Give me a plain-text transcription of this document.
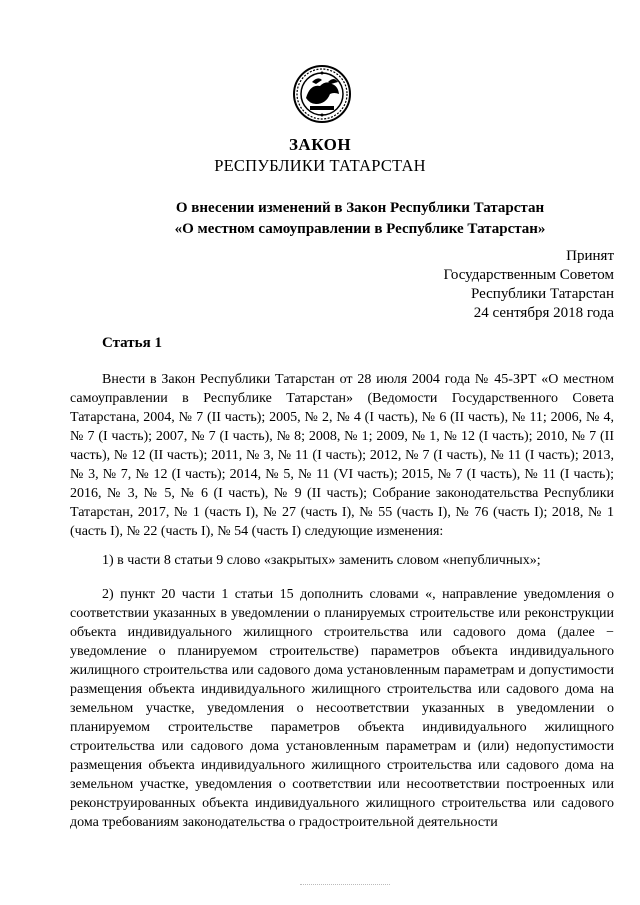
ЗАКОН
РЕСПУБЛИКИ ТАТАРСТАН
О внесении изменений в Закон Республики Татарстан
«О местном самоуправлении в Республике Татарстан»
Принят
Государственным Советом
Республики Татарстан
24 сентября 2018 года
Статья 1
Внести в Закон Республики Татарстан от 28 июля 2004 года № 45-ЗРТ «О местном самоуправлении в Республике Татарстан» (Ведомости Государственного Совета Татарстана, 2004, № 7 (II часть); 2005, № 2, № 4 (I часть), № 6 (II часть), № 11; 2006, № 4, № 7 (I часть); 2007, № 7 (I часть), № 8; 2008, № 1; 2009, № 1, № 12 (I часть); 2010, № 7 (II часть), № 12 (II часть); 2011, № 3, № 11 (I часть); 2012, № 7 (I часть), № 11 (I часть); 2013, № 3, № 7, № 12 (I часть); 2014, № 5, № 11 (VI часть); 2015, № 7 (I часть), № 11 (I часть); 2016, № 3, № 5, № 6 (I часть), № 9 (II часть); Собрание законодательства Республики Татарстан, 2017, № 1 (часть I), № 27 (часть I), № 55 (часть I), № 76 (часть I); 2018, № 1 (часть I), № 22 (часть I), № 54 (часть I) следующие изменения:
1) в части 8 статьи 9 слово «закрытых» заменить словом «непубличных»;
2) пункт 20 части 1 статьи 15 дополнить словами «, направление уведомления о соответствии указанных в уведомлении о планируемых строительстве или реконструкции объекта индивидуального жилищного строительства или садового дома (далее − уведомление о планируемом строительстве) параметров объекта индивидуального жилищного строительства или садового дома установленным параметрам и допустимости размещения объекта индивидуального жилищного строительства или садового дома на земельном участке, уведомления о несоответствии указанных в уведомлении о планируемом строительстве параметров объекта индивидуального жилищного строительства или садового дома установленным параметрам и (или) недопустимости размещения объекта индивидуального жилищного строительства или садового дома на земельном участке, уведомления о соответствии или несоответствии построенных или реконструированных объекта индивидуального жилищного строительства или садового дома требованиям законодательства о градостроительной деятельности
